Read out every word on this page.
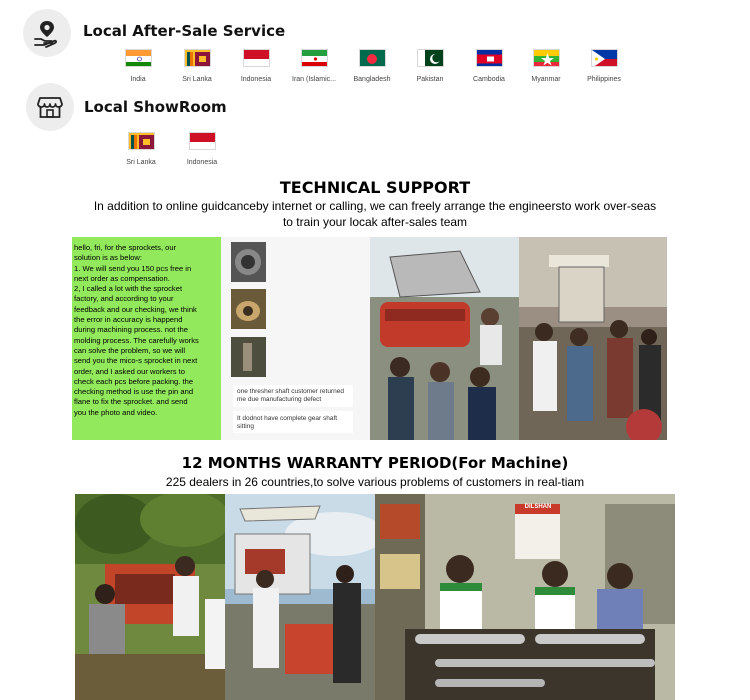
Local After-Sale Service
India	Sri Lanka	Indonesia	Iran (Islamic...	Bangladesh	Pakistan	Cambodia	Myanmar	Philippines
Local ShowRoom
Sri Lanka	Indonesia
TECHNICAL SUPPORT
In addition to online guidcanceby internet or calling, we can freely arrange the engineersto work over-seas
to train your locak after-sales team
hello, fri, for the sprockets, our
solution is as below:
1. We will send you 150 pcs free in
next order as compensation.
2, I called a lot with the sprocket
factory, and according to your
feedback and our checking, we think
the error in accuracy is happend
during machining process. not the
molding process. The carefully works
can solve the problem, so we will
send you the mico-s sprocket in next
order, and I asked our workers to
check each pcs before packing. the
checking method is use the pin and
flane to fix the sprocket. and send
you the photo and video.
one thresher shaft customer returned
me due manufacturing defect
It dodnot have complete gear shaft
sitting
12 MONTHS WARRANTY PERIOD(For Machine)
225 dealers in 26 countries,to solve various problems of customers in real-tiam
DILSHAN
